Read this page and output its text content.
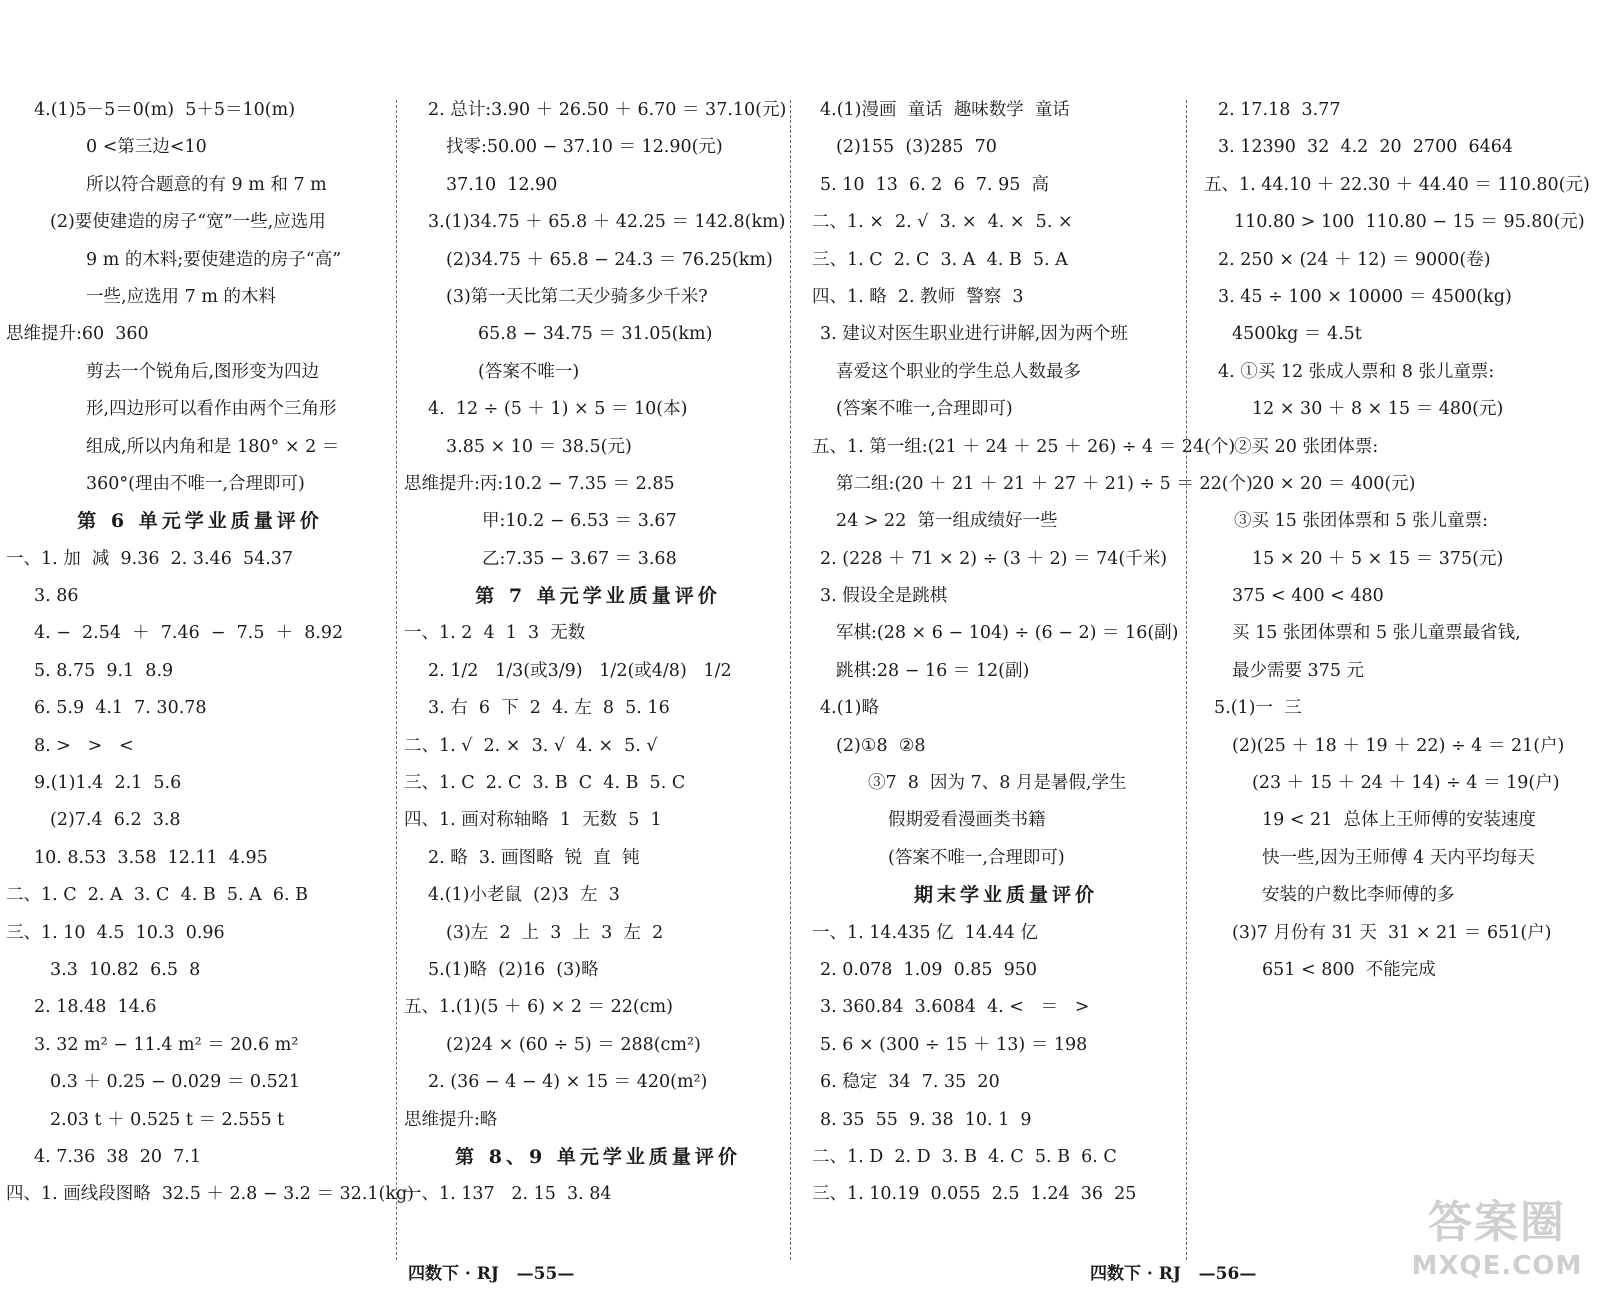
4.(1)5－5＝0(m)  5＋5＝10(m)
0 <第三边<10
所以符合题意的有 9 m 和 7 m
(2)要使建造的房子“宽”一些,应选用
9 m 的木料;要使建造的房子“高”
一些,应选用 7 m 的木料
思维提升:60  360
剪去一个锐角后,图形变为四边
形,四边形可以看作由两个三角形
组成,所以内角和是 180° × 2 ＝
360°(理由不唯一,合理即可)
第 6 单元学业质量评价
一、1. 加  减  9.36  2. 3.46  54.37
3. 86
4. −  2.54  ＋  7.46  −  7.5  ＋  8.92
5. 8.75  9.1  8.9
6. 5.9  4.1  7. 30.78
8. >   >   <
9.(1)1.4  2.1  5.6
(2)7.4  6.2  3.8
10. 8.53  3.58  12.11  4.95
二、1. C  2. A  3. C  4. B  5. A  6. B
三、1. 10  4.5  10.3  0.96
3.3  10.82  6.5  8
2. 18.48  14.6
3. 32 m² − 11.4 m² ＝ 20.6 m²
0.3 ＋ 0.25 − 0.029 ＝ 0.521
2.03 t ＋ 0.525 t ＝ 2.555 t
4. 7.36  38  20  7.1
四、1. 画线段图略  32.5 ＋ 2.8 − 3.2 ＝ 32.1(kg)
2. 总计:3.90 ＋ 26.50 ＋ 6.70 ＝ 37.10(元)
找零:50.00 − 37.10 ＝ 12.90(元)
37.10  12.90
3.(1)34.75 ＋ 65.8 ＋ 42.25 ＝ 142.8(km)
(2)34.75 ＋ 65.8 − 24.3 ＝ 76.25(km)
(3)第一天比第二天少骑多少千米?
65.8 − 34.75 ＝ 31.05(km)
(答案不唯一)
4.  12 ÷ (5 ＋ 1) × 5 ＝ 10(本)
3.85 × 10 ＝ 38.5(元)
思维提升:丙:10.2 − 7.35 ＝ 2.85
甲:10.2 − 6.53 ＝ 3.67
乙:7.35 − 3.67 ＝ 3.68
第 7 单元学业质量评价
一、1. 2  4  1  3  无数
2. 1/2   1/3(或3/9)   1/2(或4/8)   1/2
3. 右  6  下  2  4. 左  8  5. 16
二、1. √  2. ×  3. √  4. ×  5. √
三、1. C  2. C  3. B  C  4. B  5. C
四、1. 画对称轴略  1  无数  5  1
2. 略  3. 画图略  锐  直  钝
4.(1)小老鼠  (2)3  左  3
(3)左  2  上  3  上  3  左  2
5.(1)略  (2)16  (3)略
五、1.(1)(5 ＋ 6) × 2 ＝ 22(cm)
(2)24 × (60 ÷ 5) ＝ 288(cm²)
2. (36 − 4 − 4) × 15 ＝ 420(m²)
思维提升:略
第 8、9 单元学业质量评价
一、1. 137   2. 15  3. 84
4.(1)漫画  童话  趣味数学  童话
(2)155  (3)285  70
5. 10  13  6. 2  6  7. 95  高
二、1. ×  2. √  3. ×  4. ×  5. ×
三、1. C  2. C  3. A  4. B  5. A
四、1. 略  2. 教师  警察  3
3. 建议对医生职业进行讲解,因为两个班
喜爱这个职业的学生总人数最多
(答案不唯一,合理即可)
五、1. 第一组:(21 ＋ 24 ＋ 25 ＋ 26) ÷ 4 ＝ 24(个)
第二组:(20 ＋ 21 ＋ 21 ＋ 27 ＋ 21) ÷ 5 ＝ 22(个)
24 > 22  第一组成绩好一些
2. (228 ＋ 71 × 2) ÷ (3 ＋ 2) ＝ 74(千米)
3. 假设全是跳棋
军棋:(28 × 6 − 104) ÷ (6 − 2) ＝ 16(副)
跳棋:28 − 16 ＝ 12(副)
4.(1)略
(2)①8  ②8
③7  8  因为 7、8 月是暑假,学生
假期爱看漫画类书籍
(答案不唯一,合理即可)
期末学业质量评价
一、1. 14.435 亿  14.44 亿
2. 0.078  1.09  0.85  950
3. 360.84  3.6084  4. <   ＝   >
5. 6 × (300 ÷ 15 ＋ 13) ＝ 198
6. 稳定  34  7. 35  20
8. 35  55  9. 38  10. 1  9
二、1. D  2. D  3. B  4. C  5. B  6. C
三、1. 10.19  0.055  2.5  1.24  36  25
2. 17.18  3.77
3. 12390  32  4.2  20  2700  6464
五、1. 44.10 ＋ 22.30 ＋ 44.40 ＝ 110.80(元)
110.80 > 100  110.80 − 15 ＝ 95.80(元)
2. 250 × (24 ＋ 12) ＝ 9000(卷)
3. 45 ÷ 100 × 10000 ＝ 4500(kg)
4500kg ＝ 4.5t
4. ①买 12 张成人票和 8 张儿童票:
12 × 30 ＋ 8 × 15 ＝ 480(元)
②买 20 张团体票:
20 × 20 ＝ 400(元)
③买 15 张团体票和 5 张儿童票:
15 × 20 ＋ 5 × 15 ＝ 375(元)
375 < 400 < 480
买 15 张团体票和 5 张儿童票最省钱,
最少需要 375 元
5.(1)一  三
(2)(25 ＋ 18 ＋ 19 ＋ 22) ÷ 4 ＝ 21(户)
(23 ＋ 15 ＋ 24 ＋ 14) ÷ 4 ＝ 19(户)
19 < 21  总体上王师傅的安装速度
快一些,因为王师傅 4 天内平均每天
安装的户数比李师傅的多
(3)7 月份有 31 天  31 × 21 ＝ 651(户)
651 < 800  不能完成
四数下 · RJ   —55—	四数下 · RJ   —56—
答案圈
MXQE.COM
